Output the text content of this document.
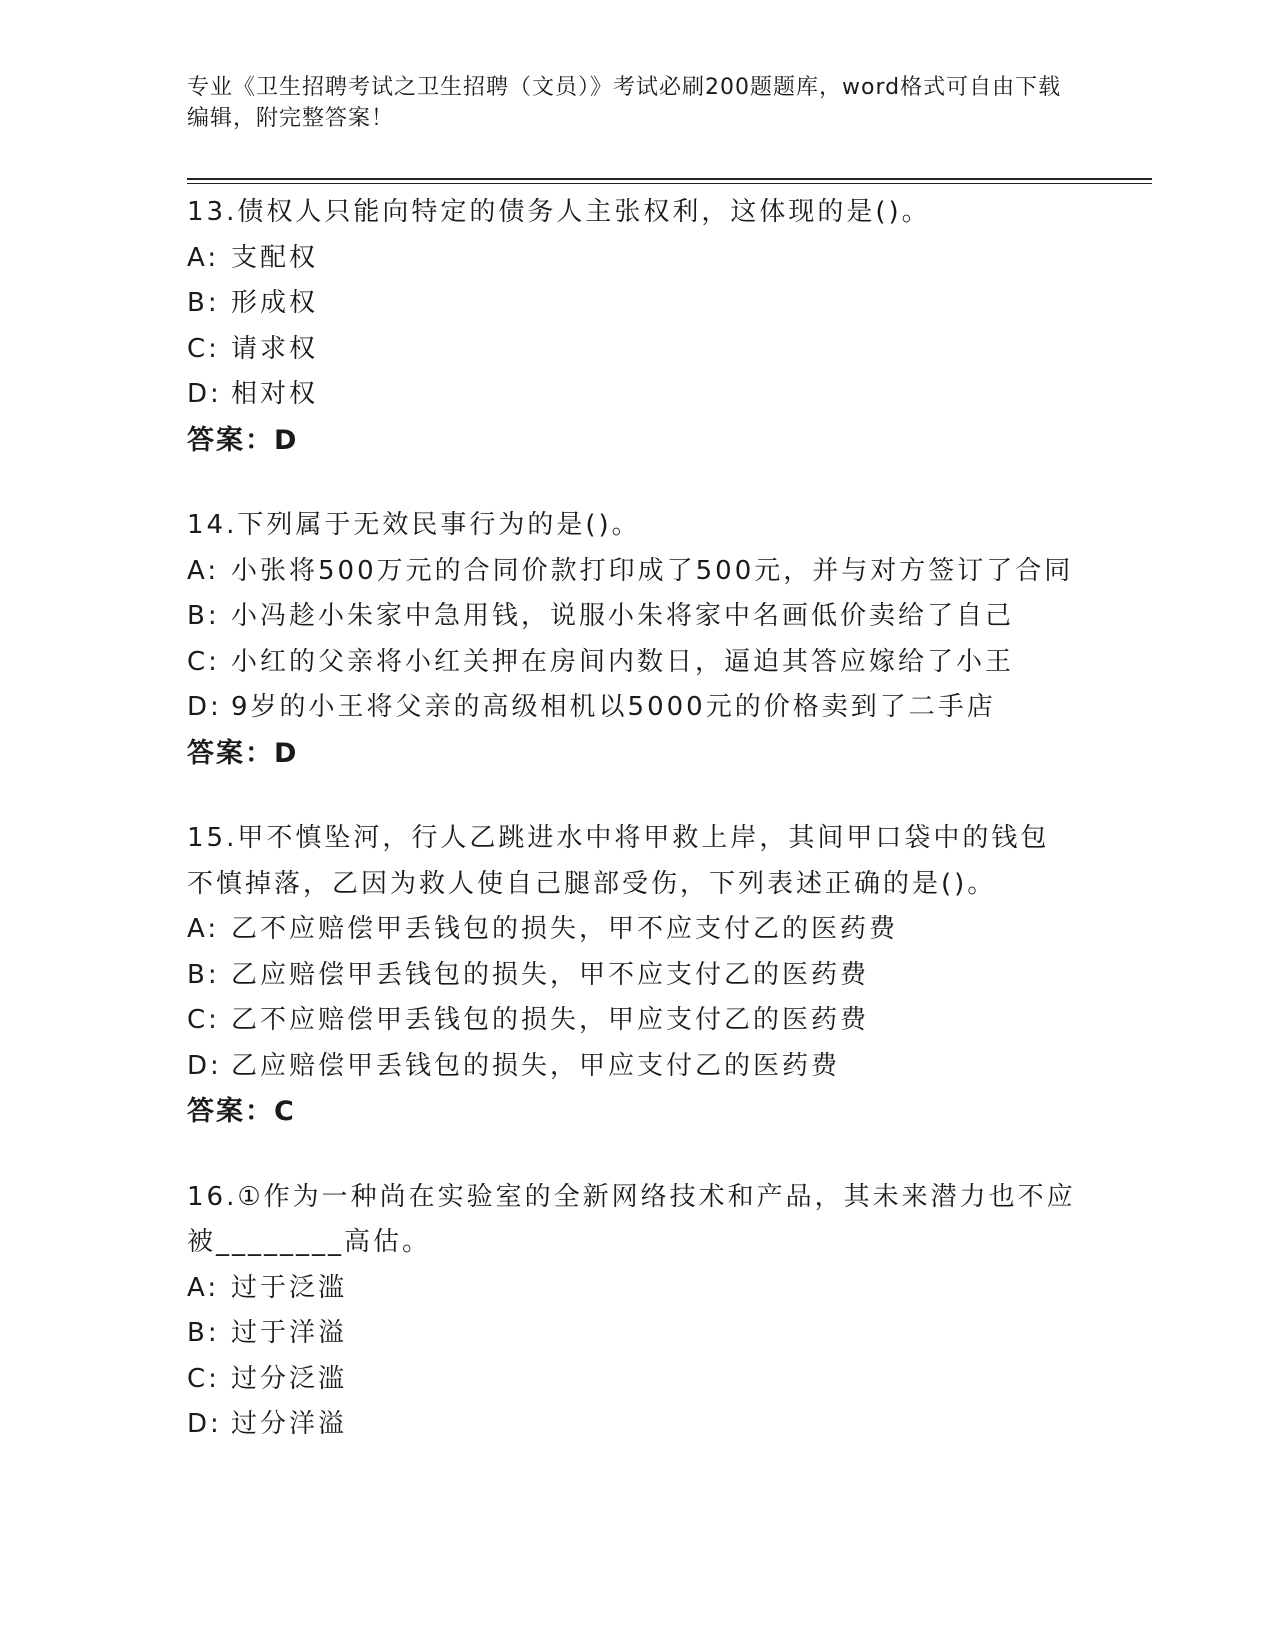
专业《卫生招聘考试之卫生招聘（文员）》考试必刷200题题库，word格式可自由下载编辑，附完整答案！
13.债权人只能向特定的债务人主张权利，这体现的是()。
A: 支配权
B: 形成权
C: 请求权
D: 相对权
答案：D
14.下列属于无效民事行为的是()。
A: 小张将500万元的合同价款打印成了500元，并与对方签订了合同
B: 小冯趁小朱家中急用钱，说服小朱将家中名画低价卖给了自己
C: 小红的父亲将小红关押在房间内数日，逼迫其答应嫁给了小王
D: 9岁的小王将父亲的高级相机以5000元的价格卖到了二手店
答案：D
15.甲不慎坠河，行人乙跳进水中将甲救上岸，其间甲口袋中的钱包不慎掉落，乙因为救人使自己腿部受伤，下列表述正确的是()。
A: 乙不应赔偿甲丢钱包的损失，甲不应支付乙的医药费
B: 乙应赔偿甲丢钱包的损失，甲不应支付乙的医药费
C: 乙不应赔偿甲丢钱包的损失，甲应支付乙的医药费
D: 乙应赔偿甲丢钱包的损失，甲应支付乙的医药费
答案：C
16.①作为一种尚在实验室的全新网络技术和产品，其未来潜力也不应被________高估。
A: 过于泛滥
B: 过于洋溢
C: 过分泛滥
D: 过分洋溢
